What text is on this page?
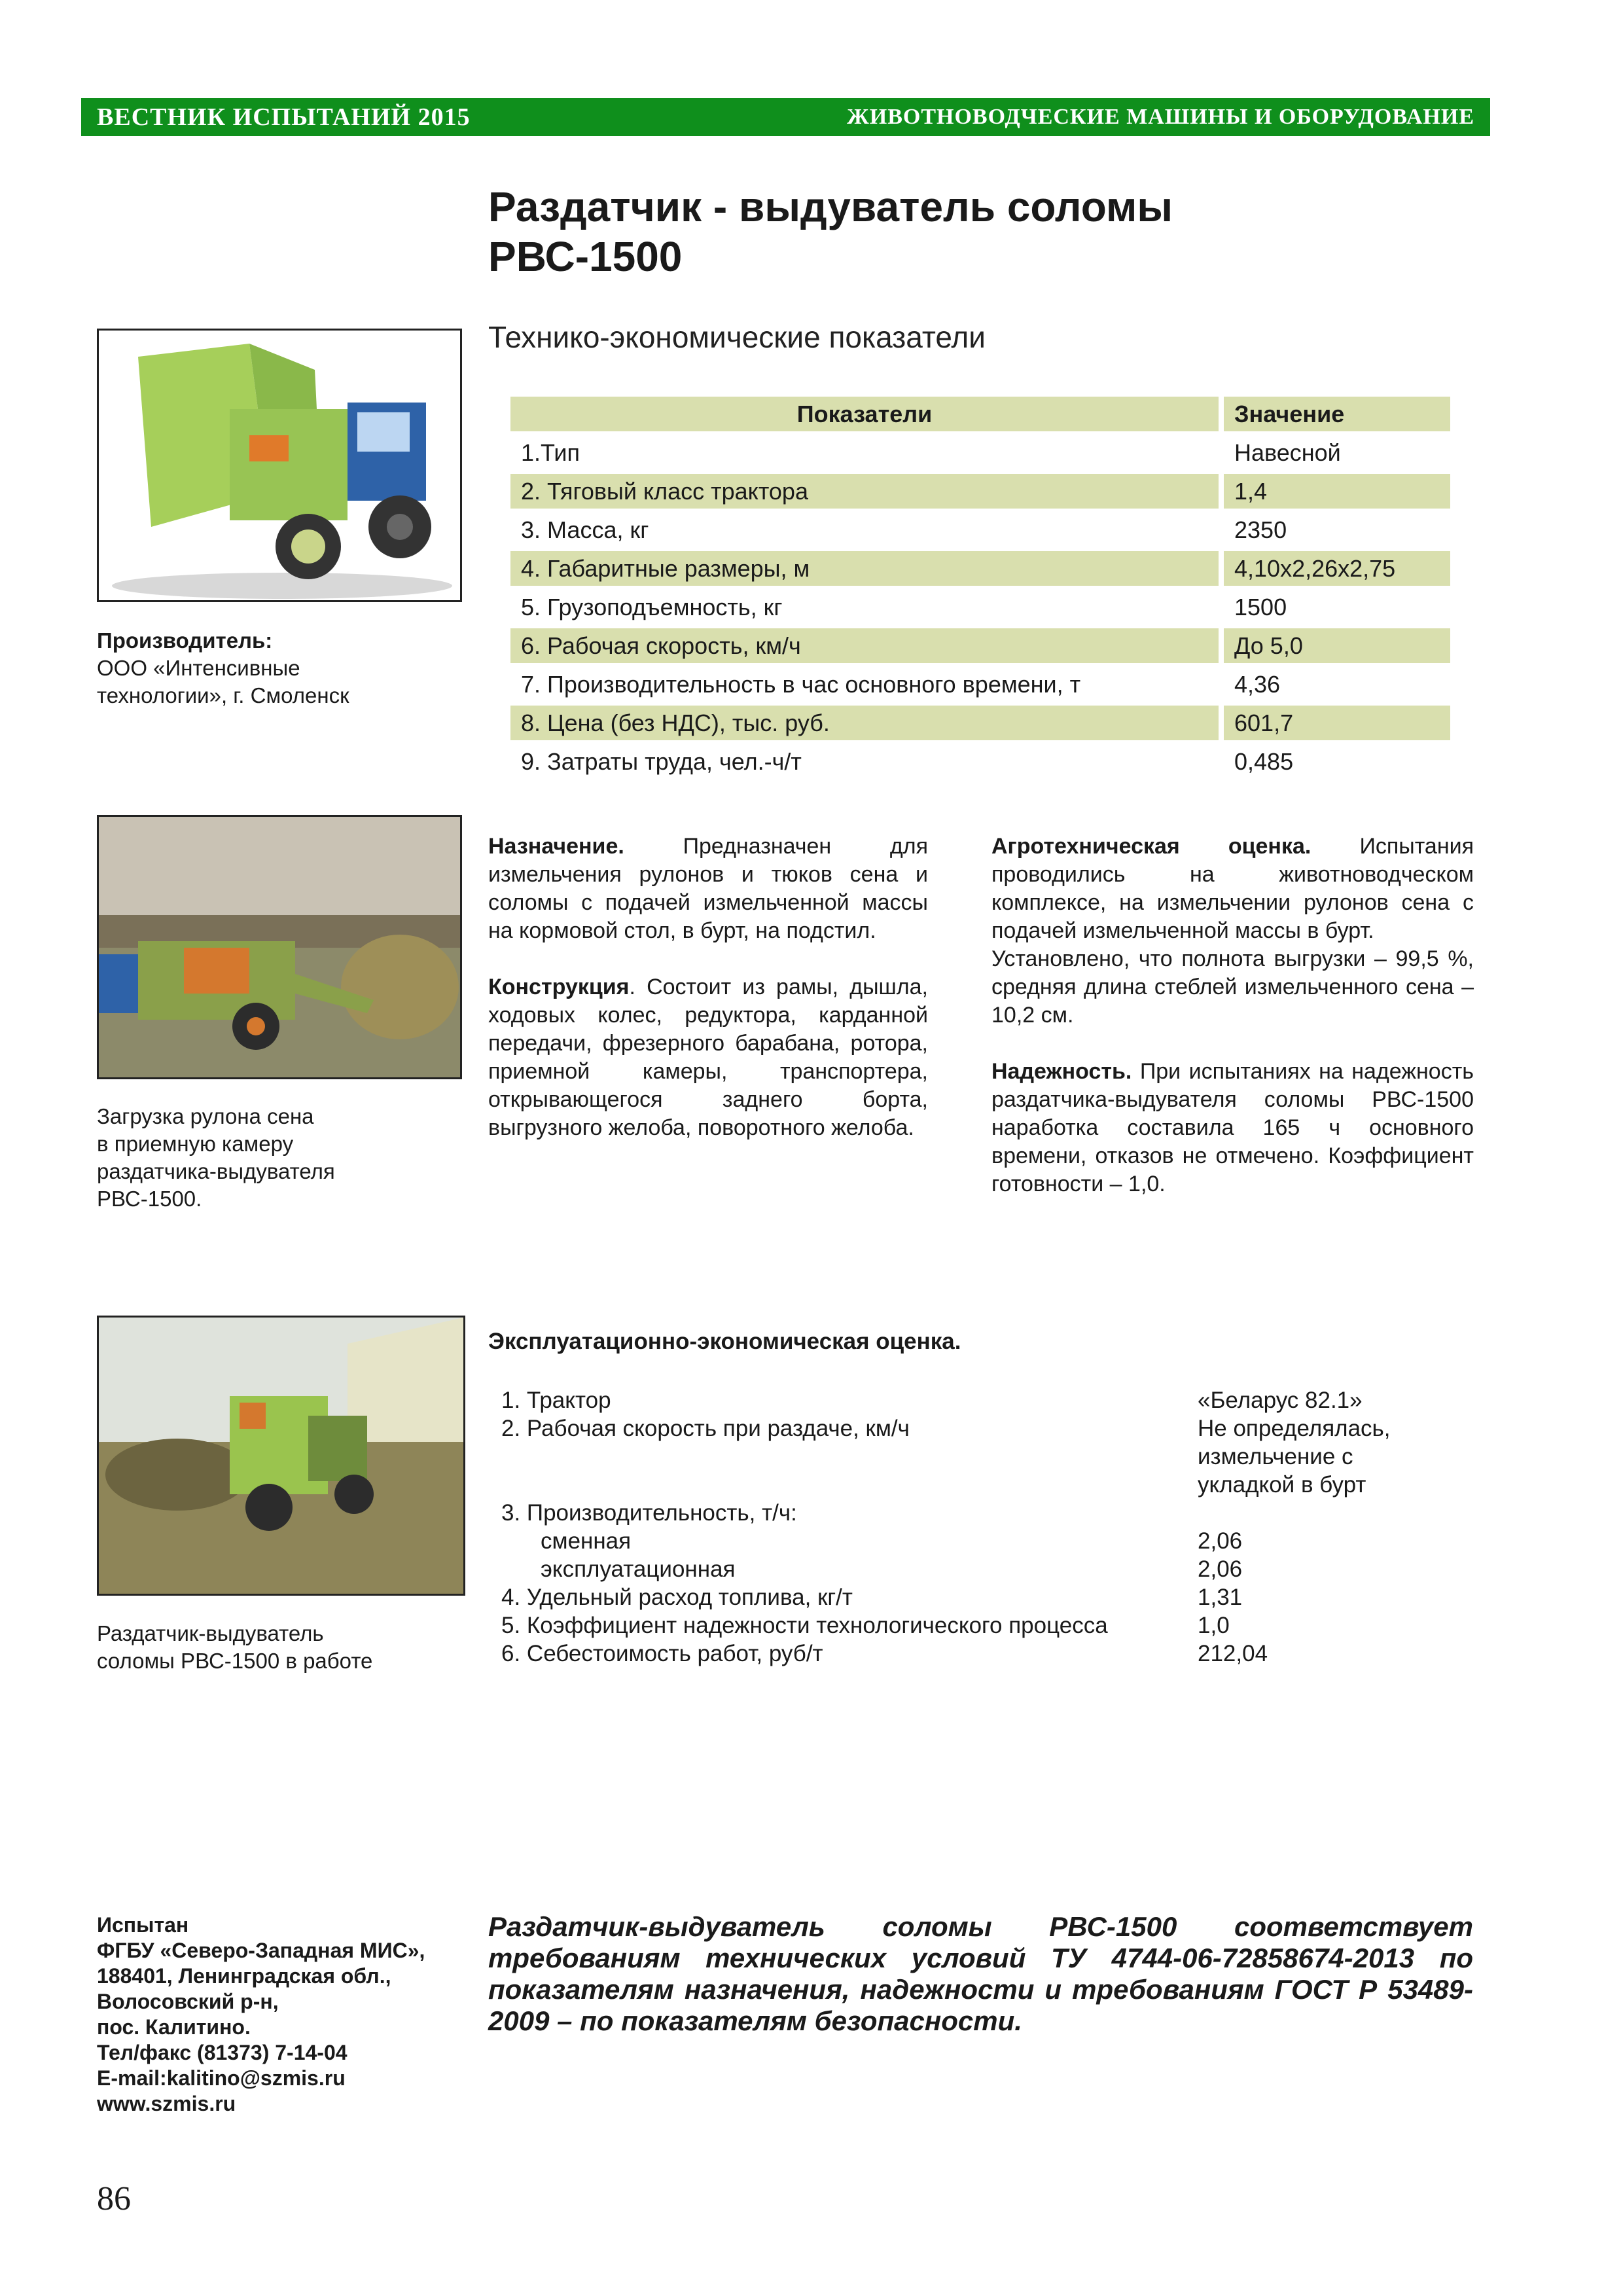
ВЕСТНИК ИСПЫТАНИЙ 2015	ЖИВОТНОВОДЧЕСКИЕ МАШИНЫ И ОБОРУДОВАНИЕ
Раздатчик - выдуватель соломы
РВС-1500
Технико-экономические показатели
Производитель:
ООО «Интенсивные
технологии», г. Смоленск
Показатели	Значение
1.Тип	Навесной
2. Тяговый класс трактора	1,4
3. Масса, кг	2350
4. Габаритные размеры, м	4,10х2,26х2,75
5. Грузоподъемность, кг	1500
6. Рабочая скорость, км/ч	До 5,0
7. Производительность в час основного времени, т	4,36
8. Цена (без НДС), тыс. руб.	601,7
9. Затраты труда, чел.-ч/т	0,485
Загрузка рулона сена
в приемную камеру
раздатчика-выдувателя
РВС-1500.

Назначение.	Предназначен для измельчения рулонов и тюков сена и соломы с подачей измельченной массы на кормовой стол, в бурт, на подстил.

Конструкция. Состоит из рамы, дышла, ходовых колес, редуктора, карданной передачи, фрезерного барабана, ротора, приемной камеры, транспортера, открывающегося заднего борта, выгрузного желоба, поворотного желоба.

Агротехническая оценка. Испытания проводились на животноводческом комплексе, на измельчении рулонов сена с подачей измельченной массы в бурт.

Установлено, что полнота выгрузки – 99,5 %, средняя длина стеблей измельченного сена – 10,2 см.

Надежность. При испытаниях на надежность раздатчика-выдувателя соломы РВС-1500 наработка составила 165 ч основного времени, отказов не отмечено. Коэффициент готовности – 1,0.

Раздатчик-выдуватель
соломы РВС-1500 в работе
Эксплуатационно-экономическая оценка.
1. Трактор	«Беларус 82.1»
2. Рабочая скорость при раздаче, км/ч	Не определялась,
измельчение с
укладкой в бурт
3. Производительность, т/ч:
сменная	2,06
эксплуатационная	2,06
4. Удельный расход топлива, кг/т	1,31
5. Коэффициент надежности технологического процесса	1,0
6. Себестоимость работ, руб/т	212,04
Испытан
ФГБУ «Северо-Западная МИС»,
188401, Ленинградская обл.,
Волосовский р-н,
пос. Калитино.
Тел/факс (81373) 7-14-04
E-mail:kalitino@szmis.ru
www.szmis.ru
Раздатчик-выдуватель соломы РВС-1500 соответствует требованиям технических условий ТУ 4744-06-72858674-2013 по показателям назначения, надежности и требованиям ГОСТ Р 53489-2009 – по показателям безопасности.
86
